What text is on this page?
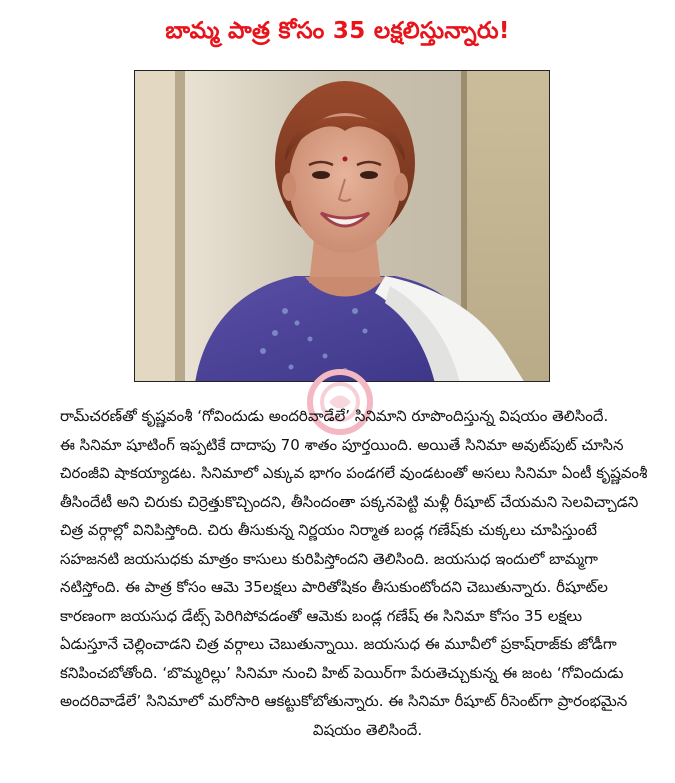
బామ్మ పాత్ర కోసం 35 లక్షలిస్తున్నారు!
రామ్‌చరణ్‌తో కృష్ణవంశీ ‘గోవిందుడు అందరివాడేలే’ సినిమాని రూపొందిస్తున్న విషయం తెలిసిందే.
ఈ సినిమా షూటింగ్ ఇప్పటికే దాదాపు 70 శాతం పూర్తయింది. అయితే సినిమా అవుట్‌పుట్ చూసిన
చిరంజీవి షాకయ్యాడట. సినిమాలో ఎక్కువ భాగం పండగలే వుండటంతో అసలు సినిమా ఏంటీ కృష్ణవంశీ
తీసిందేటీ అని చిరుకు చిర్రెత్తుకొచ్చిందని, తీసిందంతా పక్కనపెట్టి మళ్లీ రీషూట్ చేయమని సెలవిచ్చాడని
చిత్ర వర్గాల్లో వినిపిస్తోంది. చిరు తీసుకున్న నిర్ణయం నిర్మాత బండ్ల గణేష్‌కు చుక్కలు చూపిస్తుంటే
సహజనటి జయసుధకు మాత్రం కాసులు కురిపిస్తోందని తెలిసింది. జయసుధ ఇందులో బామ్మగా
నటిస్తోంది. ఈ పాత్ర కోసం ఆమె 35లక్షలు పారితోషికం తీసుకుంటోందని చెబుతున్నారు. రీషూట్‌ల
కారణంగా జయసుధ డేట్స్ పెరిగిపోవడంతో ఆమెకు బండ్ల గణేష్ ఈ సినిమా కోసం 35 లక్షలు
ఏడుస్తూనే చెల్లించాడని చిత్ర వర్గాలు చెబుతున్నాయి. జయసుధ ఈ మూవీలో ప్రకాష్‌రాజ్‌కు జోడీగా
కనిపించబోతోంది. ‘బొమ్మరిల్లు’ సినిమా నుంచి హిట్ పెయిర్‌గా పేరుతెచ్చుకున్న ఈ జంట ‘గోవిందుడు
అందరివాడేలే’ సినిమాలో మరోసారి ఆకట్టుకోబోతున్నారు. ఈ సినిమా రీషూట్ రీసెంట్‌గా ప్రారంభమైన
విషయం తెలిసిందే.
